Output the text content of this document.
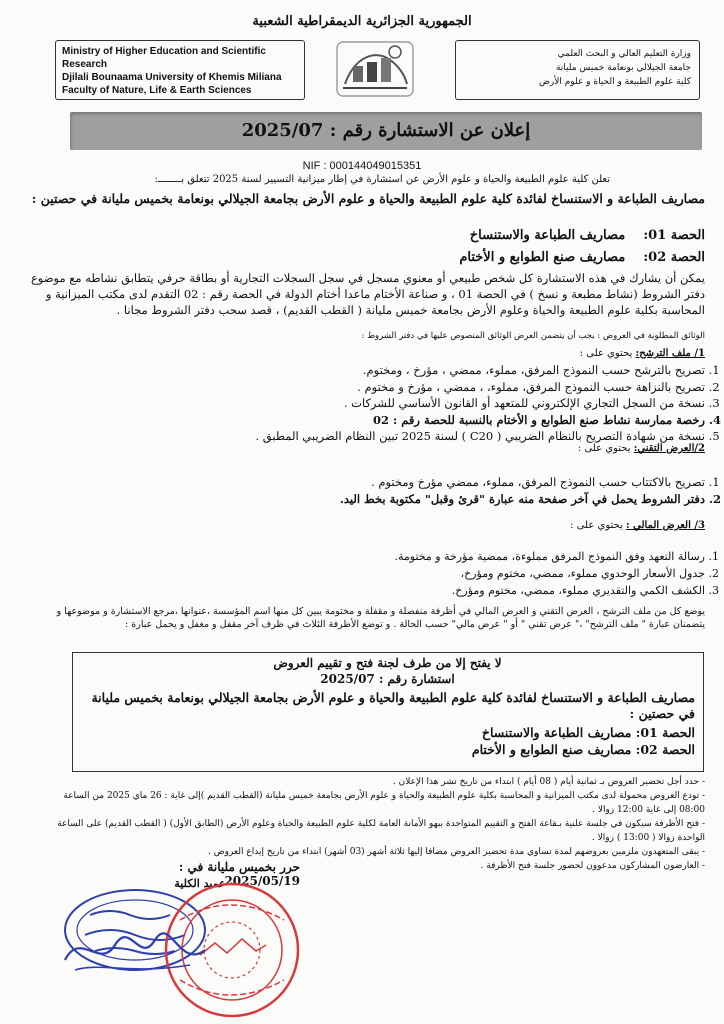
الجمهورية الجزائرية الديمقراطية الشعبية
Ministry of Higher Education and Scientific Research
Djilali Bounaama University of Khemis Miliana
Faculty of Nature, Life & Earth Sciences
وزارة التعليم العالي و البحث العلمي
جامعة الجيلالي بونعامة خميس مليانة
كلية علوم الطبيعة و الحياة و علوم الأرض
إعلان عن الاستشارة رقم : 2025/07
NIF : 000144049015351
تعلن كلية علوم الطبيعة والحياة و علوم الأرض عن استشارة في إطار ميزانية التسيير لسنة 2025 تتعلق بــــــــ:
مصاريف الطباعة و الاستنساخ لفائدة كلية علوم الطبيعة والحياة و علوم الأرض بجامعة الجيلالي بونعامة بخميس مليانة في حصتين :
الحصة 01:    مصاريف الطباعة والاستنساخ
الحصة 02:    مصاريف صنع الطوابع و الأختام
يمكن أن يشارك في هذه الاستشارة كل شخص طبيعي أو معنوي مسجل في سجل السجلات التجارية أو بطاقة حرفي يتطابق نشاطه مع موضوع دفتر الشروط (نشاط مطبعة و نسخ ) في الحصة 01 ، و صناعة الأختام ماعدا أختام الدولة في الحصة رقم : 02 التقدم لدى مكتب الميزانية و المحاسبة بكلية علوم الطبيعة والحياة وعلوم الأرض بجامعة خميس مليانة ( القطب القديم) ، قصد سحب دفتر الشروط مجانا .
الوثائق المطلوبة في العروض : يجب أن يتضمن العرض الوثائق المنصوص عليها في دفتر الشروط :
1/ ملف الترشح: يحتوي على :
1. تصريح بالترشح حسب النموذج المرفق، مملوء، ممضي ، مؤرخ ، ومختوم.
2. تصريح بالنزاهة حسب النموذج المرفق، مملوء، ، ممضي ، مؤرخ و مختوم .
3. نسخة من السجل التجاري الإلكتروني للمتعهد أو القانون الأساسي للشركات .
4. رخصة ممارسة نشاط صنع الطوابع و الأختام بالنسبة للحصة رقم : 02
5. نسخة من شهادة التصريح بالنظام الضريبي ( C20 ) لسنة 2025 تبين النظام الضريبي المطبق .
2/العرض التقني: يحتوي على :
1. تصريح بالاكتتاب حسب النموذج المرفق، مملوء، ممضي مؤرخ ومختوم .
2. دفتر الشروط يحمل في آخر صفحة منه عبارة "قرئ وقبل" مكتوبة بخط اليد.
3/ العرض المالي : يحتوي على :
1. رسالة التعهد وفق النموذج المرفق مملوءة، ممضية مؤرخة و مختومة.
2. جدول الأسعار الوحدوي مملوء، ممضي، مختوم ومؤرخ،
3. الكشف الكمي والتقديري مملوء، ممضي، مختوم ومؤرخ.
يوضع كل من ملف الترشح ، العرض التقني و العرض المالي في أظرفة منفصلة و مقفلة و مختومة يبين كل منها اسم المؤسسة ،عنوانها ،مرجع الاستشارة و موضوعها و يتضمنان عبارة " ملف الترشح" ،" عرض تقني " أو " عرض مالي" حسب الحالة . و توضع الأظرفة الثلاث في ظرف آخر مقفل و مغفل و يحمل عبارة :
لا يفتح إلا من طرف لجنة فتح و تقييم العروض
استشارة رقم : 2025/07
مصاريف الطباعة و الاستنساخ لفائدة كلية علوم الطبيعة والحياة و علوم الأرض بجامعة الجيلالي بونعامة بخميس مليانة في حصتين :
الحصة 01: مصاريف الطباعة والاستنساخ
الحصة 02: مصاريف صنع الطوابع و الأختام
- حدد أجل تحضير العروض بـ ثمانية أيام ( 08 أيام ) ابتداء من تاريخ نشر هذا الإعلان .
- تودع العروض محمولة لدى مكتب الميزانية و المحاسبة بكلية علوم الطبيعة والحياة و علوم الأرض بجامعة خميس مليانة (القطب القديم )إلى غاية : 26 ماي 2025 من الساعة 08:00 إلى غاية 12:00 زوالا .
- فتح الأظرفة سيكون في جلسة علنية بـقاعة الفتح و التقييم المتواجدة ببهو الأمانة العامة لكلية علوم الطبيعة والحياة وعلوم الأرض (الطابق الأول) ( القطب القديم) على الساعة الواحدة زوالا ( 13:00 ) زوالا .
- يبقى المتعهدون ملزمين بعروضهم لمدة تساوي مدة تحضير العروض مضافا إليها ثلاثة أشهر (03 أشهر) ابتداء من تاريخ إيداع العروض .
- العارضون المشاركون مدعوون لحضور جلسة فتح الأظرفة .
حرر بخميس مليانة في : 2025/05/19
عميد الكلية
